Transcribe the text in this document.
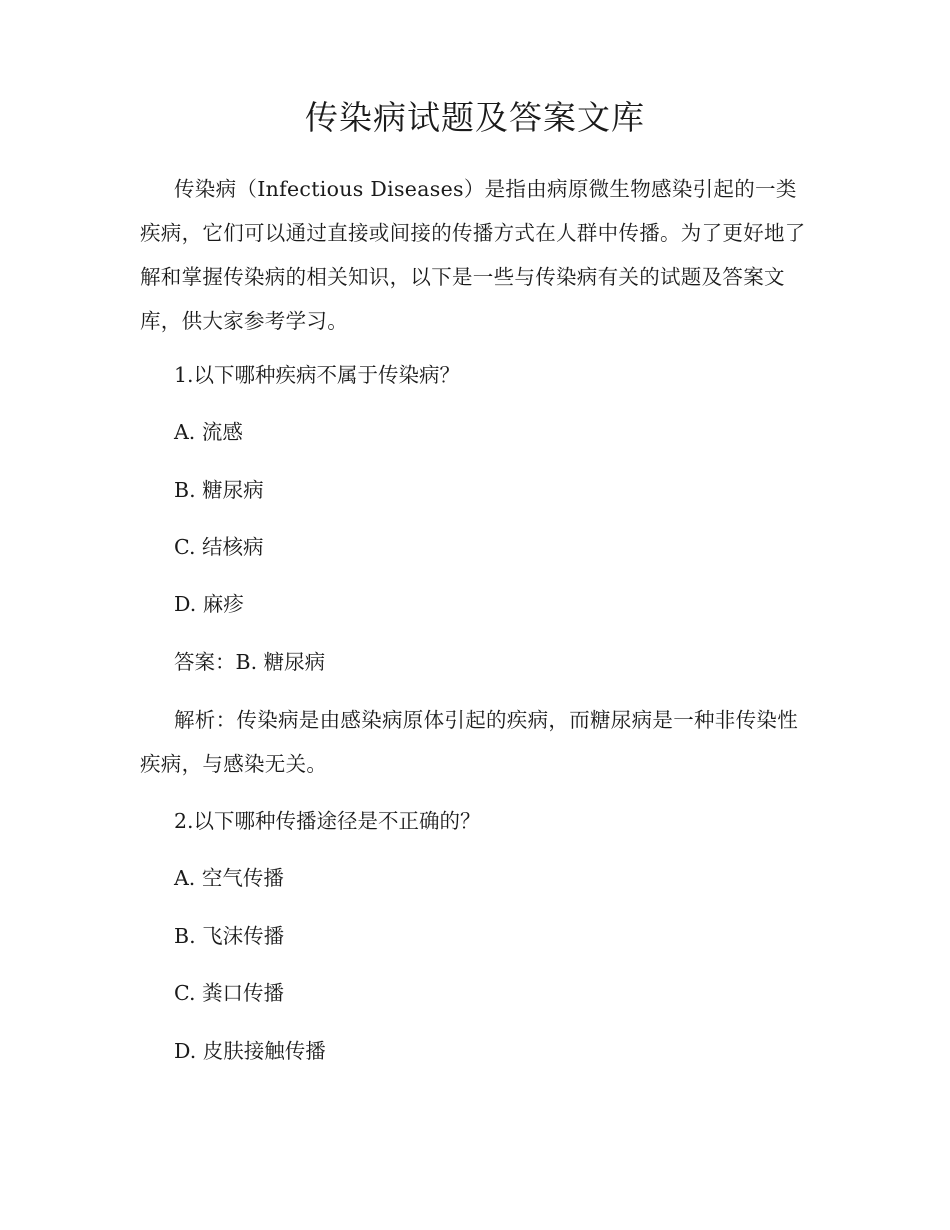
传染病试题及答案文库

传染病（Infectious Diseases）是指由病原微生物感染引起的一类疾病，它们可以通过直接或间接的传播方式在人群中传播。为了更好地了解和掌握传染病的相关知识，以下是一些与传染病有关的试题及答案文库，供大家参考学习。

1.以下哪种疾病不属于传染病？

A. 流感

B. 糖尿病

C. 结核病

D. 麻疹

答案：B. 糖尿病

解析：传染病是由感染病原体引起的疾病，而糖尿病是一种非传染性疾病，与感染无关。

2.以下哪种传播途径是不正确的？

A. 空气传播

B. 飞沫传播

C. 粪口传播

D. 皮肤接触传播
